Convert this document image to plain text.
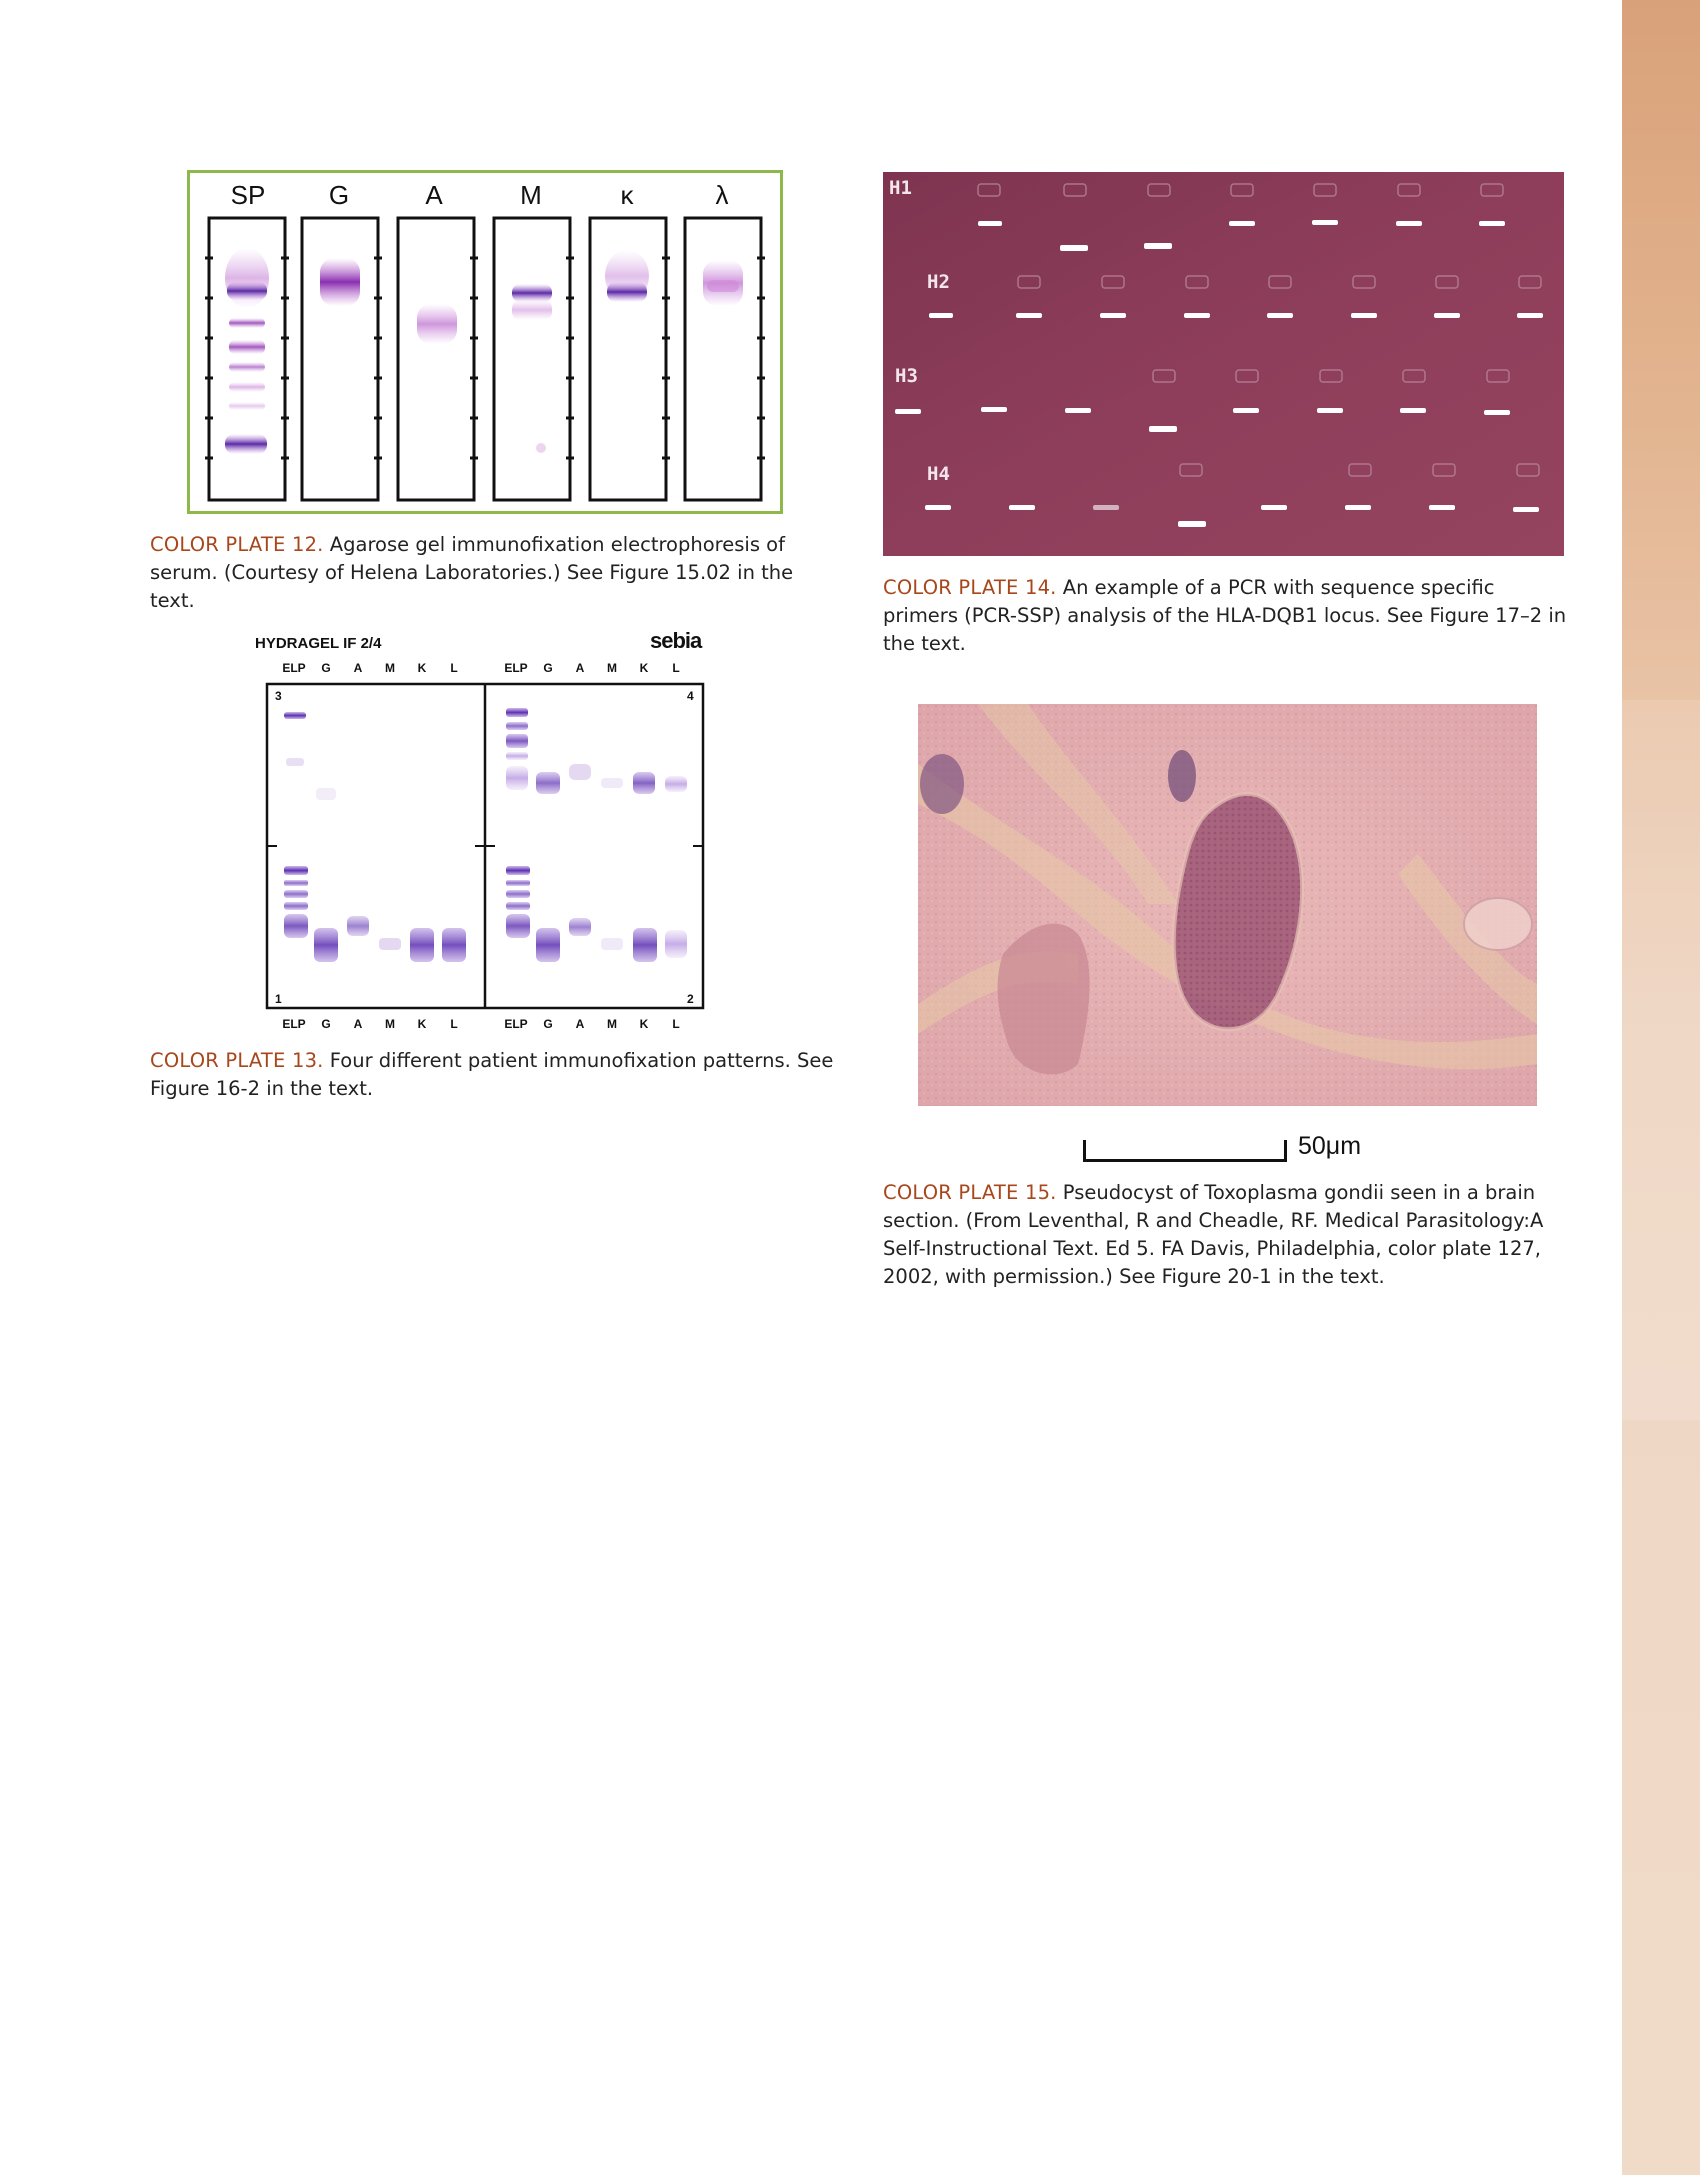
SP G	A	M	κ	λ
COLOR PLATE 12. Agarose gel immunofixation electrophoresis of serum. (Courtesy of Helena Laboratories.) See Figure 15.02 in the text.
HYDRAGEL IF 2/4	sebia
ELP G A M K L	ELP G A M K L
3	4
1	2
ELP G A M K L	ELP G A M K L
COLOR PLATE 13. Four different patient immunofixation patterns. See Figure 16-2 in the text.
H1
H2
H3
H4
COLOR PLATE 14. An example of a PCR with sequence specific primers (PCR-SSP) analysis of the HLA-DQB1 locus. See Figure 17–2 in the text.
50μm
COLOR PLATE 15. Pseudocyst of Toxoplasma gondii seen in a brain section. (From Leventhal, R and Cheadle, RF. Medical Parasitology:A Self-Instructional Text. Ed 5. FA Davis, Philadelphia, color plate 127, 2002, with permission.) See Figure 20-1 in the text.
